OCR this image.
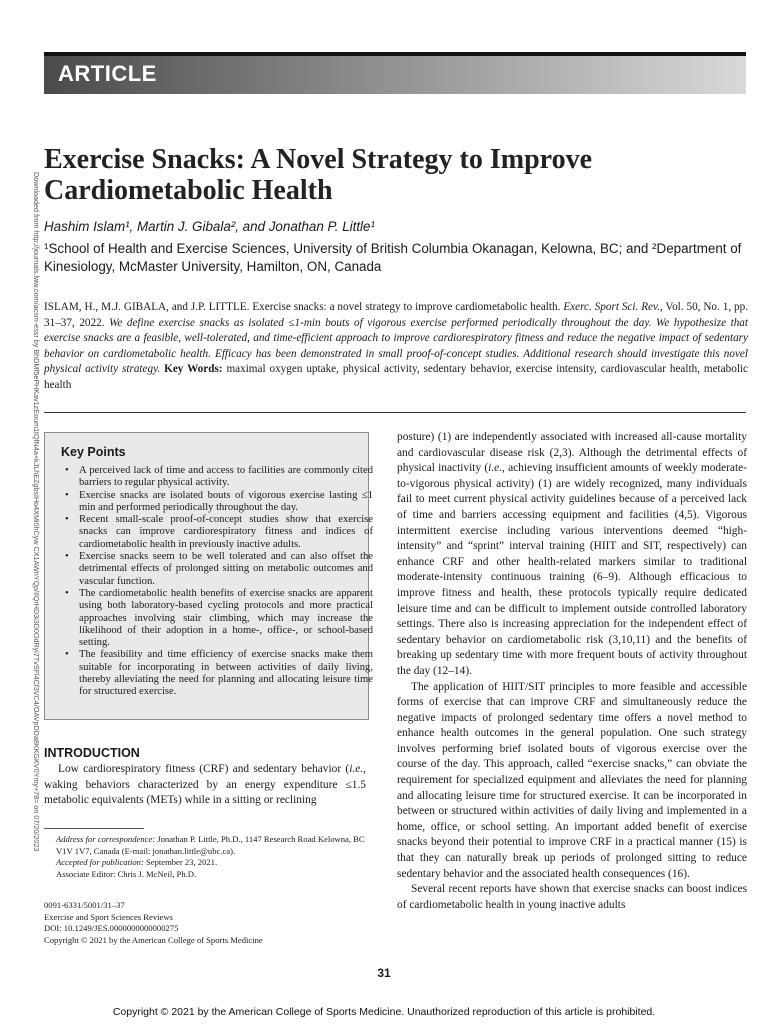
ARTICLE
Downloaded from http://journals.lww.com/acsm-essr by BhDMf5ePHKav1zEoum1tQfN4a+kJLhEZgbsIHo4XMi0hCyw CX1AWnYQp/IlQrHD3i3D0OdRyi7TvSFl4Cf3VC4/OAVpDDa8KKGKV0Ymy+78= on 07/20/2023
Exercise Snacks: A Novel Strategy to Improve Cardiometabolic Health
Hashim Islam¹, Martin J. Gibala², and Jonathan P. Little¹
¹School of Health and Exercise Sciences, University of British Columbia Okanagan, Kelowna, BC; and ²Department of Kinesiology, McMaster University, Hamilton, ON, Canada
ISLAM, H., M.J. GIBALA, and J.P. LITTLE. Exercise snacks: a novel strategy to improve cardiometabolic health. Exerc. Sport Sci. Rev., Vol. 50, No. 1, pp. 31–37, 2022. We define exercise snacks as isolated ≤1-min bouts of vigorous exercise performed periodically throughout the day. We hypothesize that exercise snacks are a feasible, well-tolerated, and time-efficient approach to improve cardiorespiratory fitness and reduce the negative impact of sedentary behavior on cardiometabolic health. Efficacy has been demonstrated in small proof-of-concept studies. Additional research should investigate this novel physical activity strategy. Key Words: maximal oxygen uptake, physical activity, sedentary behavior, exercise intensity, cardiovascular health, metabolic health
Key Points
• A perceived lack of time and access to facilities are commonly cited barriers to regular physical activity.
• Exercise snacks are isolated bouts of vigorous exercise lasting ≤1 min and performed periodically throughout the day.
• Recent small-scale proof-of-concept studies show that exercise snacks can improve cardiorespiratory fitness and indices of cardiometabolic health in previously inactive adults.
• Exercise snacks seem to be well tolerated and can also offset the detrimental effects of prolonged sitting on metabolic outcomes and vascular function.
• The cardiometabolic health benefits of exercise snacks are apparent using both laboratory-based cycling protocols and more practical approaches involving stair climbing, which may increase the likelihood of their adoption in a home-, office-, or school-based setting.
• The feasibility and time efficiency of exercise snacks make them suitable for incorporating in between activities of daily living, thereby alleviating the need for planning and allocating leisure time for structured exercise.
INTRODUCTION

Low cardiorespiratory fitness (CRF) and sedentary behavior (i.e., waking behaviors characterized by an energy expenditure ≤1.5 metabolic equivalents (METs) while in a sitting or reclining

Address for correspondence: Jonathan P. Little, Ph.D., 1147 Research Road Kelowna, BC V1V 1V7, Canada (E-mail: jonathan.little@ubc.ca).

Accepted for publication: September 23, 2021.

Associate Editor: Chris J. McNeil, Ph.D.

0091-6331/5001/31–37
Exercise and Sport Sciences Reviews
DOI: 10.1249/JES.0000000000000275
Copyright © 2021 by the American College of Sports Medicine

posture) (1) are independently associated with increased all-cause mortality and cardiovascular disease risk (2,3). Although the detrimental effects of physical inactivity (i.e., achieving insufficient amounts of weekly moderate-to-vigorous physical activity) (1) are widely recognized, many individuals fail to meet current physical activity guidelines because of a perceived lack of time and barriers accessing equipment and facilities (4,5). Vigorous intermittent exercise including various interventions deemed “high-intensity” and “sprint” interval training (HIIT and SIT, respectively) can enhance CRF and other health-related markers similar to traditional moderate-intensity continuous training (6–9). Although efficacious to improve fitness and health, these protocols typically require dedicated leisure time and can be difficult to implement outside controlled laboratory settings. There also is increasing appreciation for the independent effect of sedentary behavior on cardiometabolic risk (3,10,11) and the benefits of breaking up sedentary time with more frequent bouts of activity throughout the day (12–14).

The application of HIIT/SIT principles to more feasible and accessible forms of exercise that can improve CRF and simultaneously reduce the negative impacts of prolonged sedentary time offers a novel method to enhance health outcomes in the general population. One such strategy involves performing brief isolated bouts of vigorous exercise over the course of the day. This approach, called “exercise snacks,” can obviate the requirement for specialized equipment and alleviates the need for planning and allocating leisure time for structured exercise. It can be incorporated in between or structured within activities of daily living and implemented in a home, office, or school setting. An important added benefit of exercise snacks beyond their potential to improve CRF in a practical manner (15) is that they can naturally break up periods of prolonged sitting to reduce sedentary behavior and the associated health consequences (16).

Several recent reports have shown that exercise snacks can boost indices of cardiometabolic health in young inactive adults

31
Copyright © 2021 by the American College of Sports Medicine. Unauthorized reproduction of this article is prohibited.
